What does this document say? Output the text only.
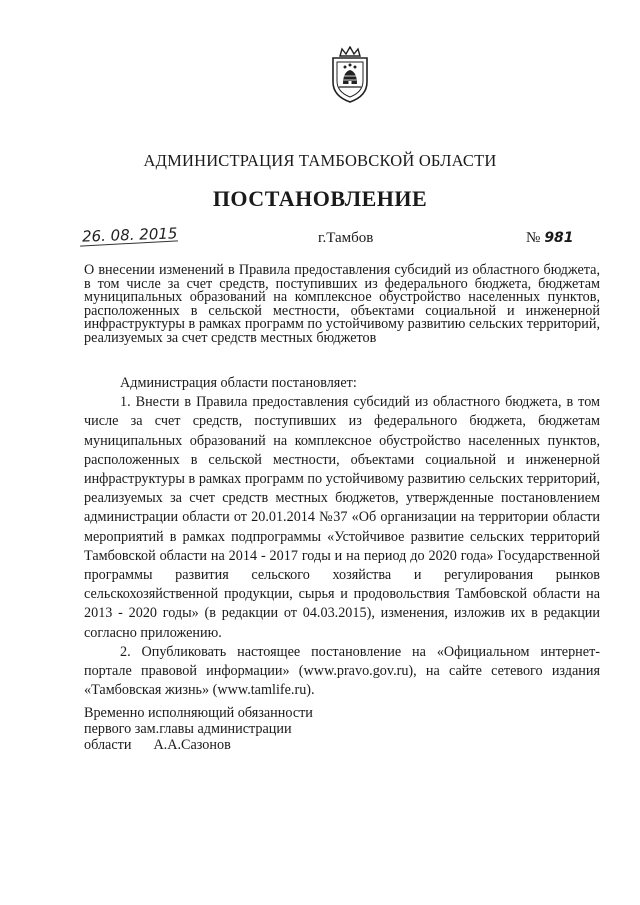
АДМИНИСТРАЦИЯ ТАМБОВСКОЙ ОБЛАСТИ
ПОСТАНОВЛЕНИЕ
26. 08. 2015	г.Тамбов	№ 981
О внесении изменений в Правила предоставления субсидий из областного бюджета, в том числе за счет средств, поступивших из федерального бюджета, бюджетам муниципальных образований на комплексное обустройство населенных пунктов, расположенных в сельской местности, объектами социальной и инженерной инфраструктуры в рамках программ по устойчивому развитию сельских территорий, реализуемых за счет средств местных бюджетов

Администрация области постановляет:

1. Внести в Правила предоставления субсидий из областного бюджета, в том числе за счет средств, поступивших из федерального бюджета, бюджетам муниципальных образований на комплексное обустройство населенных пунктов, расположенных в сельской местности, объектами социальной и инженерной инфраструктуры в рамках программ по устойчивому развитию сельских территорий, реализуемых за счет средств местных бюджетов, утвержденные постановлением администрации области от 20.01.2014 №37 «Об организации на территории области мероприятий в рамках подпрограммы «Устойчивое развитие сельских территорий Тамбовской области на 2014 - 2017 годы и на период до 2020 года» Государственной программы развития сельского хозяйства и регулирования рынков сельскохозяйственной продукции, сырья и продовольствия Тамбовской области на 2013 - 2020 годы» (в редакции от 04.03.2015), изменения, изложив их в редакции согласно приложению.

2. Опубликовать настоящее постановление на «Официальном интернет-портале правовой информации» (www.pravo.gov.ru), на сайте сетевого издания «Тамбовская жизнь» (www.tamlife.ru).

Временно исполняющий обязанности
первого зам.главы администрации
области А.А.Сазонов
